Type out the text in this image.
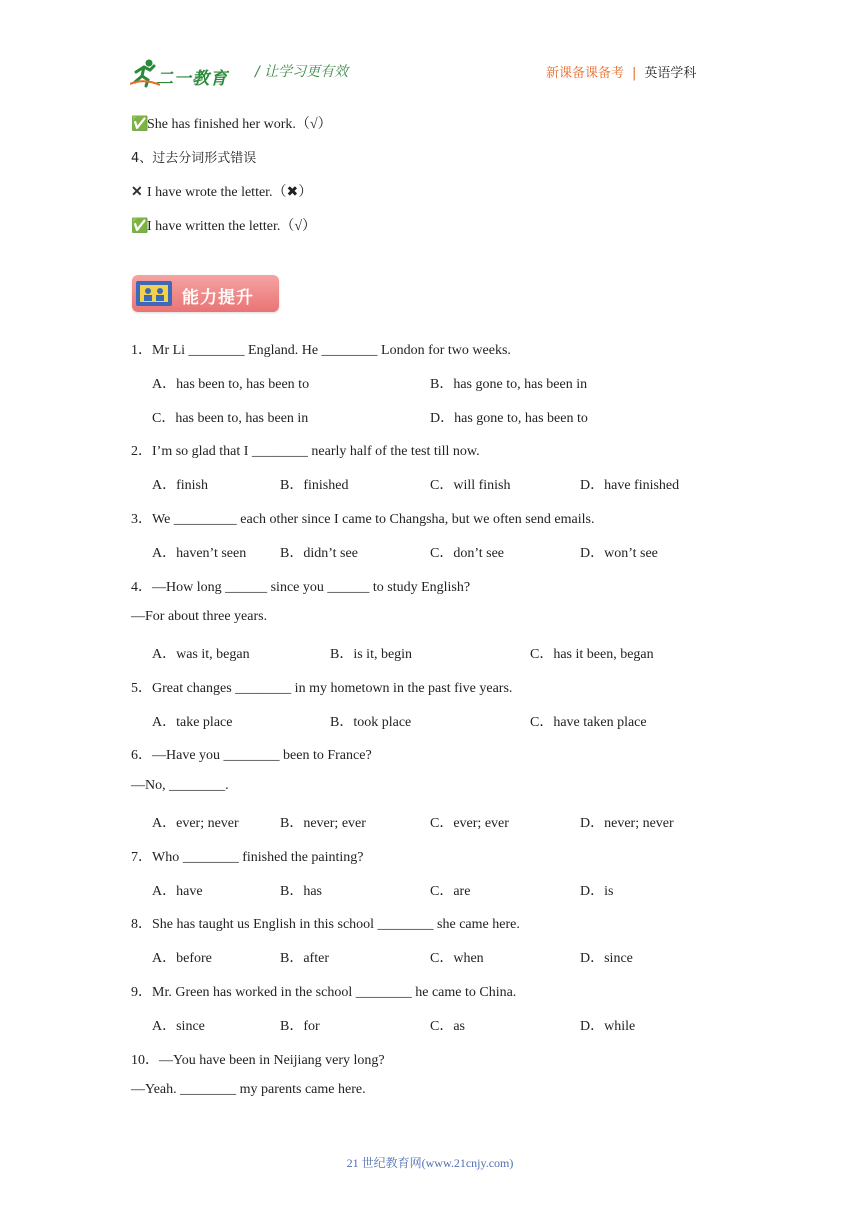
二一教育 / 让学习更有效	新课备课备考 | 英语学科
✅She has finished her work.（√）
4、过去分词形式错误
✕ I have wrote the letter.（✖）
✅I have written the letter.（√）
能力提升
1．Mr Li ________ England. He ________ London for two weeks.
A．has been to, has been to	B．has gone to, has been in
C．has been to, has been in	D．has gone to, has been to
2．I’m so glad that I ________ nearly half of the test till now.
A．finish	B．finished	C．will finish	D．have finished
3．We _________ each other since I came to Changsha, but we often send emails.
A．haven’t seen B．didn’t see	C．don’t see	D．won’t see
4．—How long ______ since you ______ to study English?
—For about three years.
A．was it, began	B．is it, begin	C．has it been, began
5．Great changes ________ in my hometown in the past five years.
A．take place	B．took place	C．have taken place
6．—Have you ________ been to France?
—No, ________.
A．ever; never	B．never; ever	C．ever; ever	D．never; never
7．Who ________ finished the painting?
A．have	B．has	C．are	D．is
8．She has taught us English in this school ________ she came here.
A．before	B．after	C．when	D．since
9．Mr. Green has worked in the school ________ he came to China.
A．since	B．for	C．as	D．while
10．—You have been in Neijiang very long?
—Yeah. ________ my parents came here.
21 世纪教育网(www.21cnjy.com)
